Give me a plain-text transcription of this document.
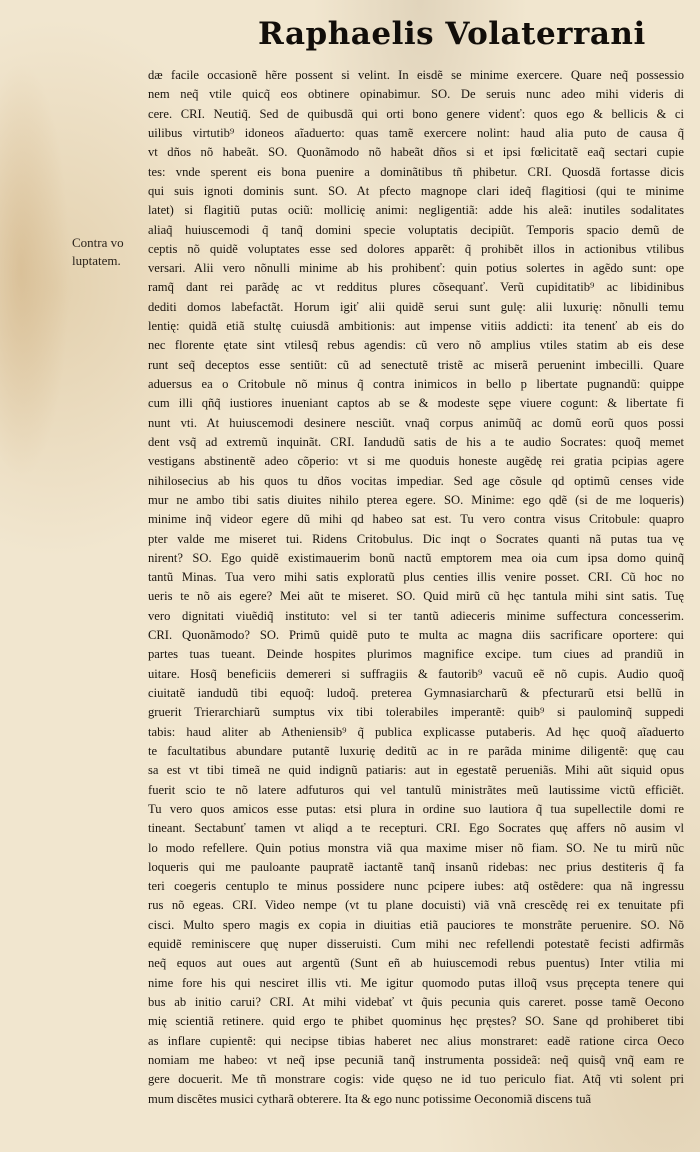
Raphaelis Volaterrani
Contra vo
luptatem.
dæ facile occasionẽ hẽre possent si velint. In eisdẽ se minime exercere. Quare neq̃ possessio
nem neq̃ vtile quicq̃ eos obtinere opinabimur. SO. De seruis nunc adeo mihi videris di
cere. CRI. Neutiq̃. Sed de quibusdã qui orti bono genere videnť: quos ego & bellicis & ci
uilibus virtutib⁹ idoneos aĩaduerto: quas tamẽ exercere nolint: haud alia puto de causa q̃
vt dños nõ habeãt. SO. Quonãmodo nõ habeãt dños si et ipsi fœlicitatẽ eaq̃ sectari cupie
tes: vnde sperent eis bona puenire a dominãtibus tñ phibetur. CRI. Quosdã fortasse dicis
qui suis ignoti dominis sunt. SO. At pfecto magnope clari ideq̃ flagitiosi (qui te minime
latet) si flagitiũ putas ociũ: mollicię animi: negligentiã: adde his aleã: inutiles sodalitates
aliaq̃ huiuscemodi q̃ tanq̃ domini specie voluptatis decipiũt. Temporis spacio demũ de
ceptis nõ quidẽ voluptates esse sed dolores apparẽt: q̃ prohibẽt illos in actionibus vtilibus
versari. Alii vero nõnulli minime ab his prohibenť: quin potius solertes in agẽdo sunt: ope
ramq̃ dant rei parãdę ac vt redditus plures cõsequanť. Verũ cupiditatib⁹ ac libidinibus
dediti domos labefactãt. Horum igiť alii quidẽ serui sunt gulę: alii luxurię: nõnulli temu
lentię: quidã etiã stultę cuiusdã ambitionis: aut impense vitiis addicti: ita tenenť ab eis do
nec florente ętate sint vtilesq̃ rebus agendis: cũ vero nõ amplius vtiles statim ab eis dese
runt seq̃ deceptos esse sentiũt: cũ ad senectutẽ tristẽ ac miserã peruenint imbecilli. Quare
aduersus ea o Critobule nõ minus q̃ contra inimicos in bello p libertate pugnandũ: quippe
cum illi qñq̃ iustiores inueniant captos ab se & modeste sępe viuere cogunt: & libertate fi
nunt vti. At huiuscemodi desinere nesciũt. vnaq̃ corpus animũq̃ ac domũ eorũ quos possi
dent vsq̃ ad extremũ inquinãt. CRI. Iandudũ satis de his a te audio Socrates: quoq̃ memet
vestigans abstinentẽ adeo cõperio: vt si me quoduis honeste augẽdę rei gratia pcipias agere
nihilosecius ab his quos tu dños vocitas impediar. Sed age cõsule qd optimũ censes vide
mur ne ambo tibi satis diuites nihilo pterea egere. SO. Minime: ego qdẽ (si de me loqueris)
minime inq̃ videor egere dũ mihi qd habeo sat est. Tu vero contra visus Critobule: quapro
pter valde me miseret tui. Ridens Critobulus. Dic inqt o Socrates quanti nã putas tua vę
nirent? SO. Ego quidẽ existimauerim bonũ nactũ emptorem mea oia cum ipsa domo quinq̃
tantũ Minas. Tua vero mihi satis exploratũ plus centies illis venire posset. CRI. Cũ hoc no
ueris te nõ ais egere? Mei aũt te miseret. SO. Quid mirũ cũ hęc tantula mihi sint satis. Tuę
vero dignitati viuẽdiq̃ instituto: vel si ter tantũ adieceris minime suffectura concesserim.
CRI. Quonãmodo? SO. Primũ quidẽ puto te multa ac magna diis sacrificare oportere: qui
partes tuas tueant. Deinde hospites plurimos magnifice excipe. tum ciues ad prandiũ in
uitare. Hosq̃ beneficiis demereri si suffragiis & fautorib⁹ vacuũ eẽ nõ cupis. Audio quoq̃
ciuitatẽ iandudũ tibi equoq̃: ludoq̃. preterea Gymnasiarcharũ & pfecturarũ etsi bellũ in
gruerit Trierarchiarũ sumptus vix tibi tolerabiles imperantẽ: quib⁹ si paulominq̃ suppedi
tabis: haud aliter ab Atheniensib⁹ q̃ publica explicasse putaberis. Ad hęc quoq̃ aĩaduerto
te facultatibus abundare putantẽ luxurię deditũ ac in re parãda minime diligentẽ: quę cau
sa est vt tibi timeã ne quid indignũ patiaris: aut in egestatẽ perueniãs. Mihi aũt siquid opus
fuerit scio te nõ latere adfuturos qui vel tantulũ ministrãtes meũ lautissime victũ efficiẽt.
Tu vero quos amicos esse putas: etsi plura in ordine suo lautiora q̃ tua supellectile domi re
tineant. Sectabunť tamen vt aliqd a te recepturi. CRI. Ego Socrates quę affers nõ ausim vl
lo modo refellere. Quin potius monstra viã qua maxime miser nõ fiam. SO. Ne tu mirũ nũc
loqueris qui me pauloante paupratẽ iactantẽ tanq̃ insanũ ridebas: nec prius destiteris q̃ fa
teri coegeris centuplo te minus possidere nunc pcipere iubes: atq̃ ostẽdere: qua nã ingressu
rus nõ egeas. CRI. Video nempe (vt tu plane docuisti) viã vnã crescẽdę rei ex tenuitate pfi
cisci. Multo spero magis ex copia in diuitias etiã pauciores te monstrãte peruenire. SO. Nõ
equidẽ reminiscere quę nuper disseruisti. Cum mihi nec refellendi potestatẽ fecisti adfirmãs
neq̃ equos aut oues aut argentũ (Sunt eñ ab huiuscemodi rebus puentus) Inter vtilia mi
nime fore his qui nesciret illis vti. Me igitur quomodo putas illoq̃ vsus pręcepta tenere qui
bus ab initio carui? CRI. At mihi videbať vt q̃uis pecunia quis careret. posse tamẽ Oecono
mię scientiã retinere. quid ergo te phibet quominus hęc pręstes? SO. Sane qd prohiberet tibi
as inflare cupientẽ: qui necipse tibias haberet nec alius monstraret: eadẽ ratione circa Oeco
nomiam me habeo: vt neq̃ ipse pecuniã tanq̃ instrumenta possideã: neq̃ quisq̃ vnq̃ eam re
gere docuerit. Me tñ monstrare cogis: vide quęso ne id tuo periculo fiat. Atq̃ vti solent pri
mum discẽtes musici cytharã obterere. Ita & ego nunc potissime Oeconomiã discens tuã
